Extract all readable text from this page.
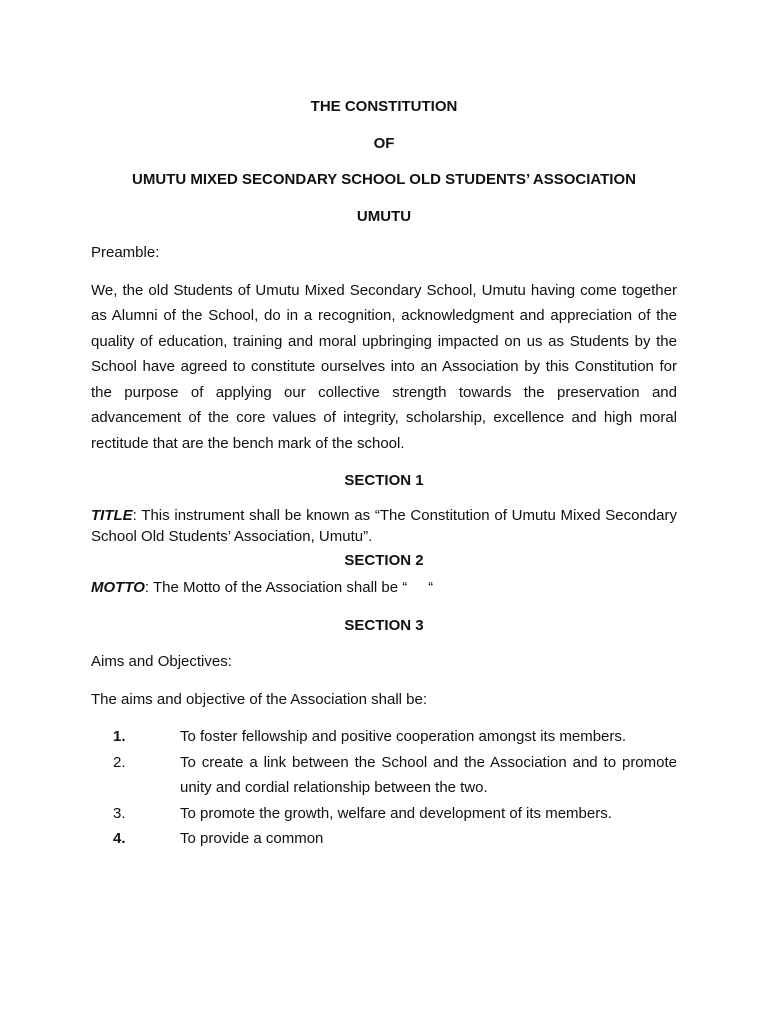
THE CONSTITUTION
OF
UMUTU MIXED SECONDARY SCHOOL OLD STUDENTS’ ASSOCIATION
UMUTU
Preamble:
We, the old Students of Umutu Mixed Secondary School, Umutu having come together as Alumni of the School, do in a recognition, acknowledgment and appreciation of the quality of education, training and moral upbringing impacted on us as Students by the School have agreed to constitute ourselves into an Association by this Constitution for the purpose of applying our collective strength towards the preservation and advancement of the core values of integrity, scholarship, excellence and high moral rectitude that are the bench mark of the school.
SECTION 1
TITLE: This instrument shall be known as “The Constitution of Umutu Mixed Secondary School Old Students’ Association, Umutu”.
SECTION 2
MOTTO: The Motto of the Association shall be “     “
SECTION 3
Aims and Objectives:
The aims and objective of the Association shall be:
1.	To foster fellowship and positive cooperation amongst its members.
2.	To create a link between the School and the Association and to promote unity and cordial relationship between the two.
3.	To promote the growth, welfare and development of its members.
4.	To provide a common
